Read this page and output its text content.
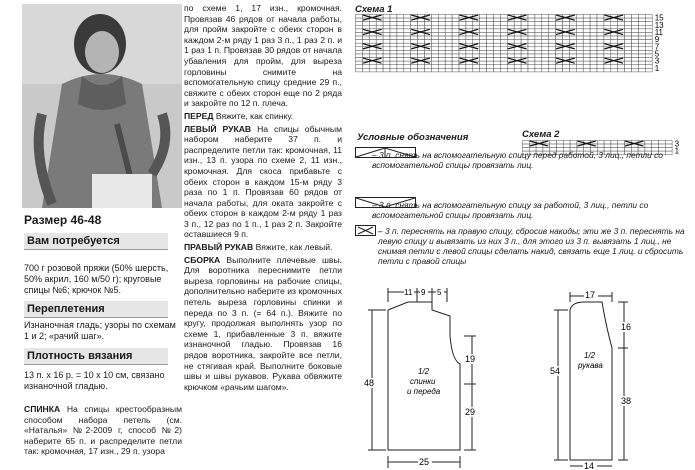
Размер 46-48
Вам потребуется
700 г розовой пряжи (50% шерсть, 50% акрил, 160 м/50 г); круговые спицы №6; крючок №5.
Переплетения
Изнаночная гладь; узоры по схемам 1 и 2; «рачий шаг».
Плотность вязания
13 п. х 16 р. = 10 х 10 см, связано изнаночной гладью.
СПИНКА На спицы крестообразным способом набора петель (см. «Наталья» №2-2009 г, способ №2) наберите 65 п. и распределите петли так: кромочная, 17 изн., 29 п. узора

по схеме 1, 17 изн., кромочная. Провязав 46 рядов от начала работы, для пройм закройте с обеих сторон в каждом 2-м ряду 1 раз 3 п., 1 раз 2 п. и 1 раз 1 п. Провязав 30 рядов от начала убавления для пройм, для выреза горловины снимите на вспомогательную спицу средние 29 п., свяжите с обеих сторон еще по 2 ряда и закройте по 12 п. плеча.

ПЕРЕД Вяжите, как спинку.

ЛЕВЫЙ РУКАВ На спицы обычным набором наберите 37 п. и распределите петли так: кромочная, 11 изн., 13 п. узора по схеме 2, 11 изн., кромочная. Для скоса прибавьте с обеих сторон в каждом 15-м ряду 3 раза по 1 п. Провязав 60 рядов от начала работы, для оката закройте с обеих сторон в каждом 2-м ряду 1 раз 3 п., 12 раз по 1 п., 1 раз 2 п. Закройте оставшиеся 9 п.

ПРАВЫЙ РУКАВ Вяжите, как левый.

СБОРКА Выполните плечевые швы. Для воротника переснимите петли выреза горловины на рабочие спицы, дополнительно наберите из кромочных петель выреза горловины спинки и переда по 3 п. (= 64 п.). Вяжите по кругу, продолжая выполнять узор по схеме 1, прибавленные 3 п. вяжите изнаночной гладью. Провязав 16 рядов воротника, закройте все петли, не стягивая край. Выполните боковые швы и швы рукавов. Рукава обвяжите крючком «рачьим шагом».

Схема 1
15
13
11
9
7
5
3
1
Схема 2
3
1
Условные обозначения
– 3 п. снять на вспомогательную спицу перед работой, 3 лиц., петли со вспомогательной спицы провязать лиц.
– 3 п. снять на вспомогательную спицу за работой, 3 лиц., петли со вспомогательной спицы провязать лиц.
– 3 п. переснять на правую спицу, сбросив накиды; эти же 3 п. переснять на левую спицу и вывязать из них 3 п., для этого из 3 п. вывязать 1 лиц., не снимая петли с левой спицы сделать накид, связать еще 1 лиц. и сбросить петли с правой спицы
11 9 5
48
19
29
25
1/2
спинки
и переда
17
16
54
38
14
1/2
рукава
